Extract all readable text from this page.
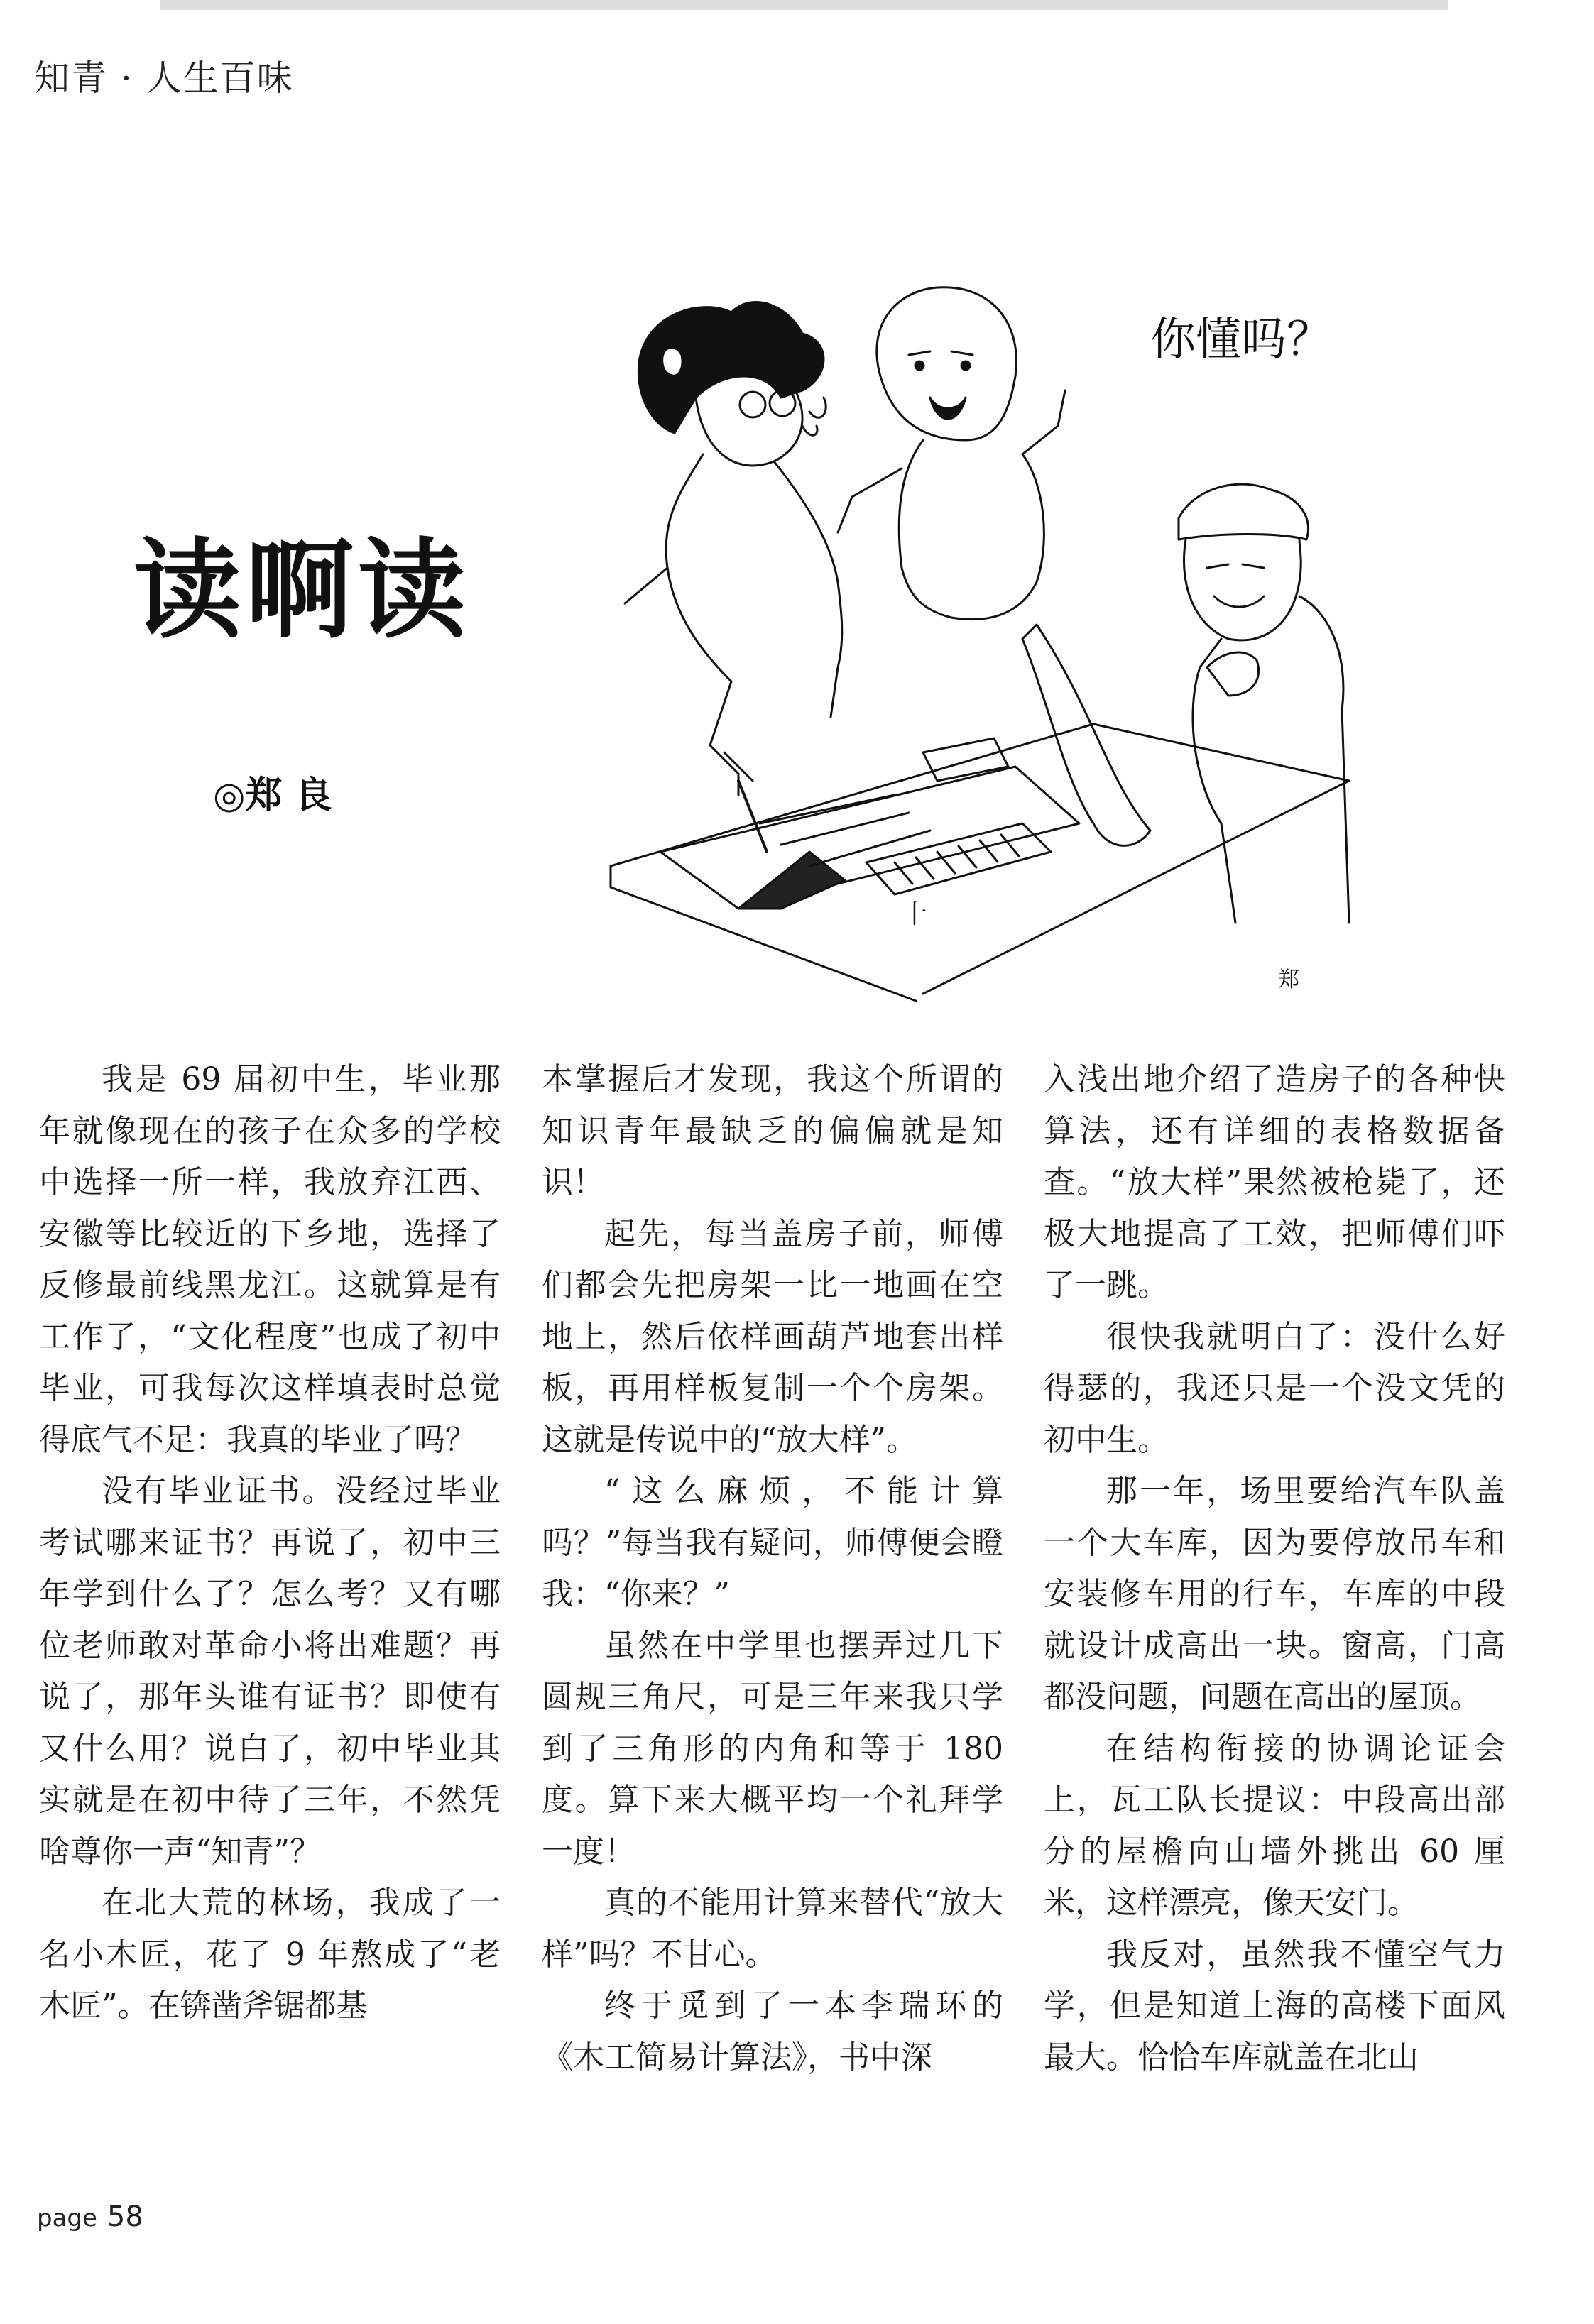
知青 · 人生百味
读啊读
◎郑 良
十
你懂吗？
郑

我是 69 届初中生，毕业那年就像现在的孩子在众多的学校中选择一所一样，我放弃江西、安徽等比较近的下乡地，选择了反修最前线黑龙江。这就算是有工作了，“文化程度”也成了初中毕业，可我每次这样填表时总觉得底气不足：我真的毕业了吗？

没有毕业证书。没经过毕业考试哪来证书？再说了，初中三年学到什么了？怎么考？又有哪位老师敢对革命小将出难题？再说了，那年头谁有证书？即使有又什么用？说白了，初中毕业其实就是在初中待了三年，不然凭啥尊你一声“知青”？

在北大荒的林场，我成了一名小木匠，花了 9 年熬成了“老木匠”。在锛凿斧锯都基

本掌握后才发现，我这个所谓的知识青年最缺乏的偏偏就是知识！

起先，每当盖房子前，师傅们都会先把房架一比一地画在空地上，然后依样画葫芦地套出样板，再用样板复制一个个房架。这就是传说中的“放大样”。

“这么麻烦，不能计算吗？”每当我有疑问，师傅便会瞪我：“你来？”

虽然在中学里也摆弄过几下圆规三角尺，可是三年来我只学到了三角形的内角和等于 180 度。算下来大概平均一个礼拜学一度！

真的不能用计算来替代“放大样”吗？不甘心。

终于觅到了一本李瑞环的《木工简易计算法》，书中深

入浅出地介绍了造房子的各种快算法，还有详细的表格数据备查。“放大样”果然被枪毙了，还极大地提高了工效，把师傅们吓了一跳。

很快我就明白了：没什么好得瑟的，我还只是一个没文凭的初中生。

那一年，场里要给汽车队盖一个大车库，因为要停放吊车和安装修车用的行车，车库的中段就设计成高出一块。窗高，门高都没问题，问题在高出的屋顶。

在结构衔接的协调论证会上，瓦工队长提议：中段高出部分的屋檐向山墙外挑出 60 厘米，这样漂亮，像天安门。

我反对，虽然我不懂空气力学，但是知道上海的高楼下面风最大。恰恰车库就盖在北山

page 58
